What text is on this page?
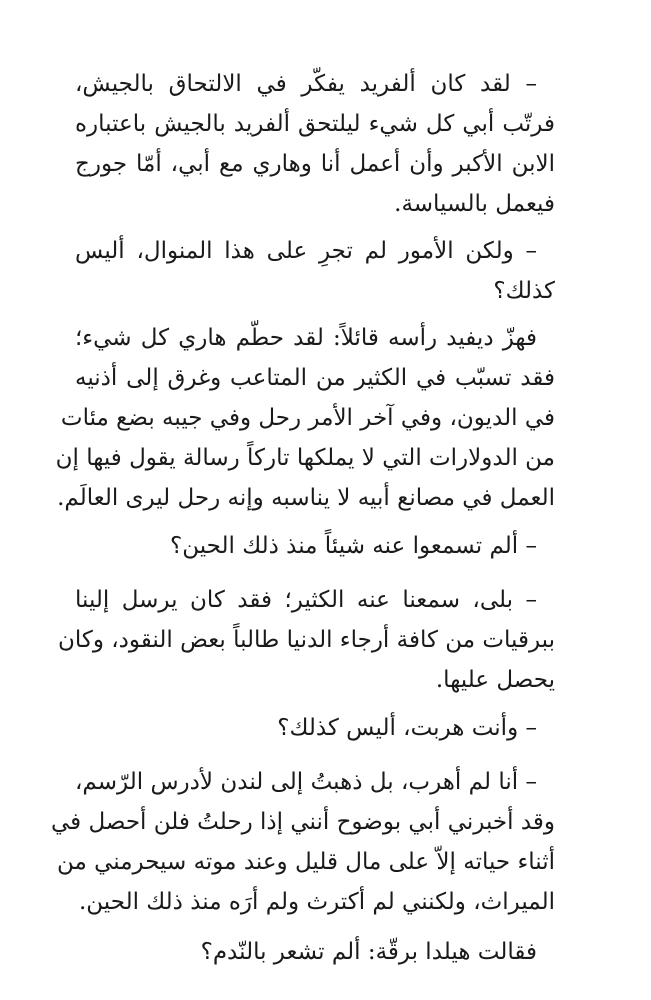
– لقد كان ألفريد يفكّر في الالتحاق بالجيش،
فرتّب أبي كل شيء ليلتحق ألفريد بالجيش باعتباره
الابن الأكبر وأن أعمل أنا وهاري مع أبي، أمّا جورج
فيعمل بالسياسة.
– ولكن الأمور لم تجرِ على هذا المنوال، أليس
كذلك؟
فهزّ ديفيد رأسه قائلاً: لقد حطّم هاري كل شيء؛
فقد تسبّب في الكثير من المتاعب وغرق إلى أذنيه
في الديون، وفي آخر الأمر رحل وفي جيبه بضع مئات
من الدولارات التي لا يملكها تاركاً رسالة يقول فيها إن
العمل في مصانع أبيه لا يناسبه وإنه رحل ليرى العالَم.
– ألم تسمعوا عنه شيئاً منذ ذلك الحين؟
– بلى، سمعنا عنه الكثير؛ فقد كان يرسل إلينا
ببرقيات من كافة أرجاء الدنيا طالباً بعض النقود، وكان
يحصل عليها.
– وأنت هربت، أليس كذلك؟
– أنا لم أهرب، بل ذهبتُ إلى لندن لأدرس الرّسم،
وقد أخبرني أبي بوضوح أنني إذا رحلتُ فلن أحصل في
أثناء حياته إلاّ على مال قليل وعند موته سيحرمني من
الميراث، ولكنني لم أكترث ولم أرَه منذ ذلك الحين.
فقالت هيلدا برقّة: ألم تشعر بالنّدم؟
